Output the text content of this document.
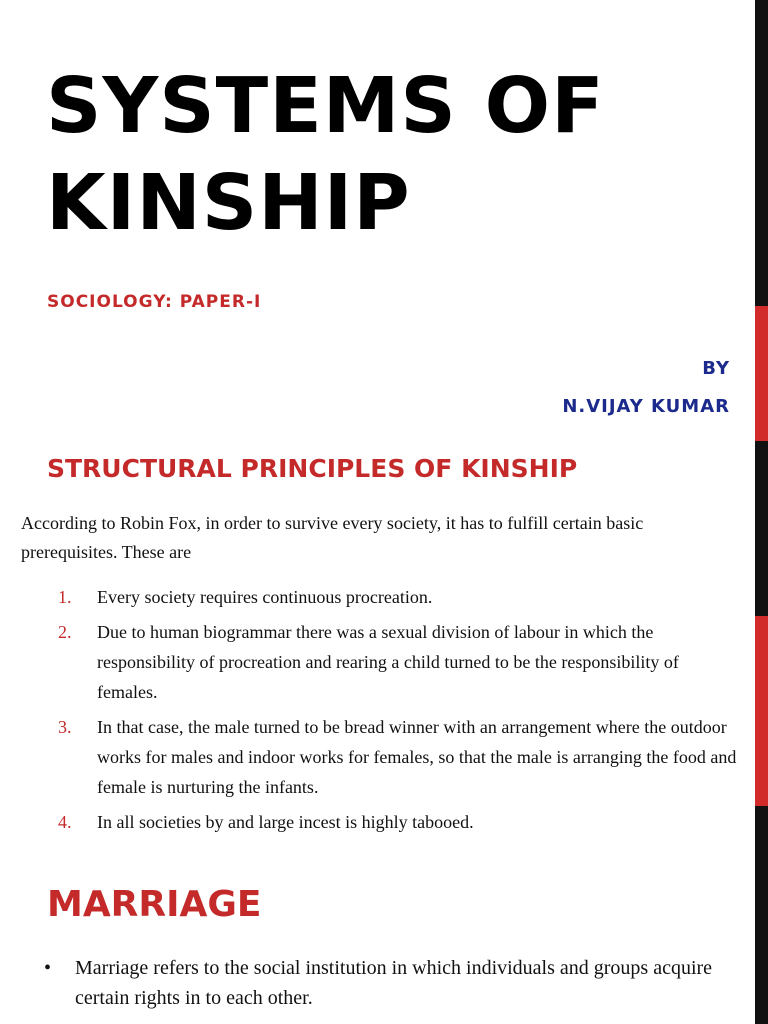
SYSTEMS OF
KINSHIP

SOCIOLOGY: PAPER-I

BY
N.VIJAY KUMAR
STRUCTURAL PRINCIPLES OF KINSHIP

According to Robin Fox, in order to survive every society, it has to fulfill certain basic prerequisites. These are

1. Every society requires continuous procreation.
2. Due to human biogrammar there was a sexual division of labour in which the responsibility of procreation and rearing a child turned to be the responsibility of females.
3. In that case, the male turned to be bread winner with an arrangement where the outdoor works for males and indoor works for females, so that the male is arranging the food and female is nurturing the infants.
4. In all societies by and large incest is highly tabooed.
MARRIAGE

• Marriage refers to the social institution in which individuals and groups acquire certain rights in to each other.
